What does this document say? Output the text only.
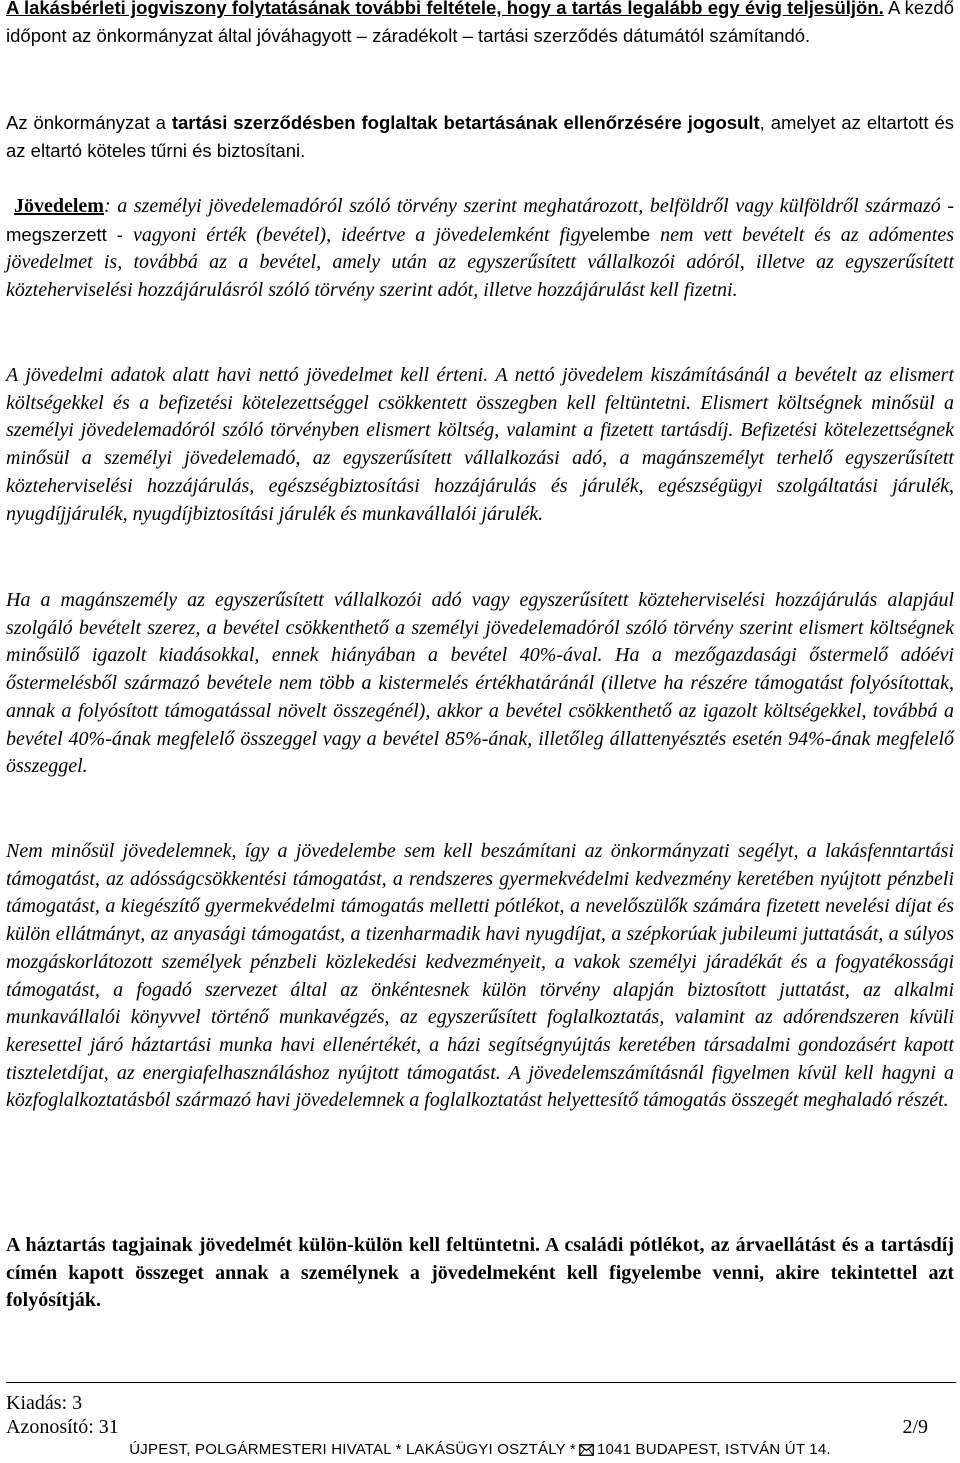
A lakásbérleti jogviszony folytatásának további feltétele, hogy a tartás legalább egy évig teljesüljön. A kezdő időpont az önkormányzat által jóváhagyott – záradékolt – tartási szerződés dátumától számítandó.

Az önkormányzat a tartási szerződésben foglaltak betartásának ellenőrzésére jogosult, amelyet az eltartott és az eltartó köteles tűrni és biztosítani.

Jövedelem: a személyi jövedelemadóról szóló törvény szerint meghatározott, belföldről vagy külföldről származó - megszerzett - vagyoni érték (bevétel), ideértve a jövedelemként figyelembe nem vett bevételt és az adómentes jövedelmet is, továbbá az a bevétel, amely után az egyszerűsített vállalkozói adóról, illetve az egyszerűsített közteherviselési hozzájárulásról szóló törvény szerint adót, illetve hozzájárulást kell fizetni.

A jövedelmi adatok alatt havi nettó jövedelmet kell érteni. A nettó jövedelem kiszámításánál a bevételt az elismert költségekkel és a befizetési kötelezettséggel csökkentett összegben kell feltüntetni. Elismert költségnek minősül a személyi jövedelemadóról szóló törvényben elismert költség, valamint a fizetett tartásdíj. Befizetési kötelezettségnek minősül a személyi jövedelemadó, az egyszerűsített vállalkozási adó, a magánszemélyt terhelő egyszerűsített közteherviselési hozzájárulás, egészségbiztosítási hozzájárulás és járulék, egészségügyi szolgáltatási járulék, nyugdíjjárulék, nyugdíjbiztosítási járulék és munkavállalói járulék.

Ha a magánszemély az egyszerűsített vállalkozói adó vagy egyszerűsített közteherviselési hozzájárulás alapjául szolgáló bevételt szerez, a bevétel csökkenthető a személyi jövedelemadóról szóló törvény szerint elismert költségnek minősülő igazolt kiadásokkal, ennek hiányában a bevétel 40%-ával. Ha a mezőgazdasági őstermelő adóévi őstermelésből származó bevétele nem több a kistermelés értékhatáránál (illetve ha részére támogatást folyósítottak, annak a folyósított támogatással növelt összegénél), akkor a bevétel csökkenthető az igazolt költségekkel, továbbá a bevétel 40%-ának megfelelő összeggel vagy a bevétel 85%-ának, illetőleg állattenyésztés esetén 94%-ának megfelelő összeggel.

Nem minősül jövedelemnek, így a jövedelembe sem kell beszámítani az önkormányzati segélyt, a lakásfenntartási támogatást, az adósságcsökkentési támogatást, a rendszeres gyermekvédelmi kedvezmény keretében nyújtott pénzbeli támogatást, a kiegészítő gyermekvédelmi támogatás melletti pótlékot, a nevelőszülők számára fizetett nevelési díjat és külön ellátmányt, az anyasági támogatást, a tizenharmadik havi nyugdíjat, a szépkorúak jubileumi juttatását, a súlyos mozgáskorlátozott személyek pénzbeli közlekedési kedvezményeit, a vakok személyi járadékát és a fogyatékossági támogatást, a fogadó szervezet által az önkéntesnek külön törvény alapján biztosított juttatást, az alkalmi munkavállalói könyvvel történő munkavégzés, az egyszerűsített foglalkoztatás, valamint az adórendszeren kívüli keresettel járó háztartási munka havi ellenértékét, a házi segítségnyújtás keretében társadalmi gondozásért kapott tiszteletdíjat, az energiafelhasználáshoz nyújtott támogatást. A jövedelemszámításnál figyelmen kívül kell hagyni a közfoglalkoztatásból származó havi jövedelemnek a foglalkoztatást helyettesítő támogatás összegét meghaladó részét.

A háztartás tagjainak jövedelmét külön-külön kell feltüntetni. A családi pótlékot, az árvaellátást és a tartásdíj címén kapott összeget annak a személynek a jövedelmeként kell figyelembe venni, akire tekintettel azt folyósítják.

Kiadás: 3
Azonosító: 31	2/9
ÚJPEST, POLGÁRMESTERI HIVATAL * LAKÁSÜGYI OSZTÁLY * 1041 BUDAPEST, ISTVÁN ÚT 14.
